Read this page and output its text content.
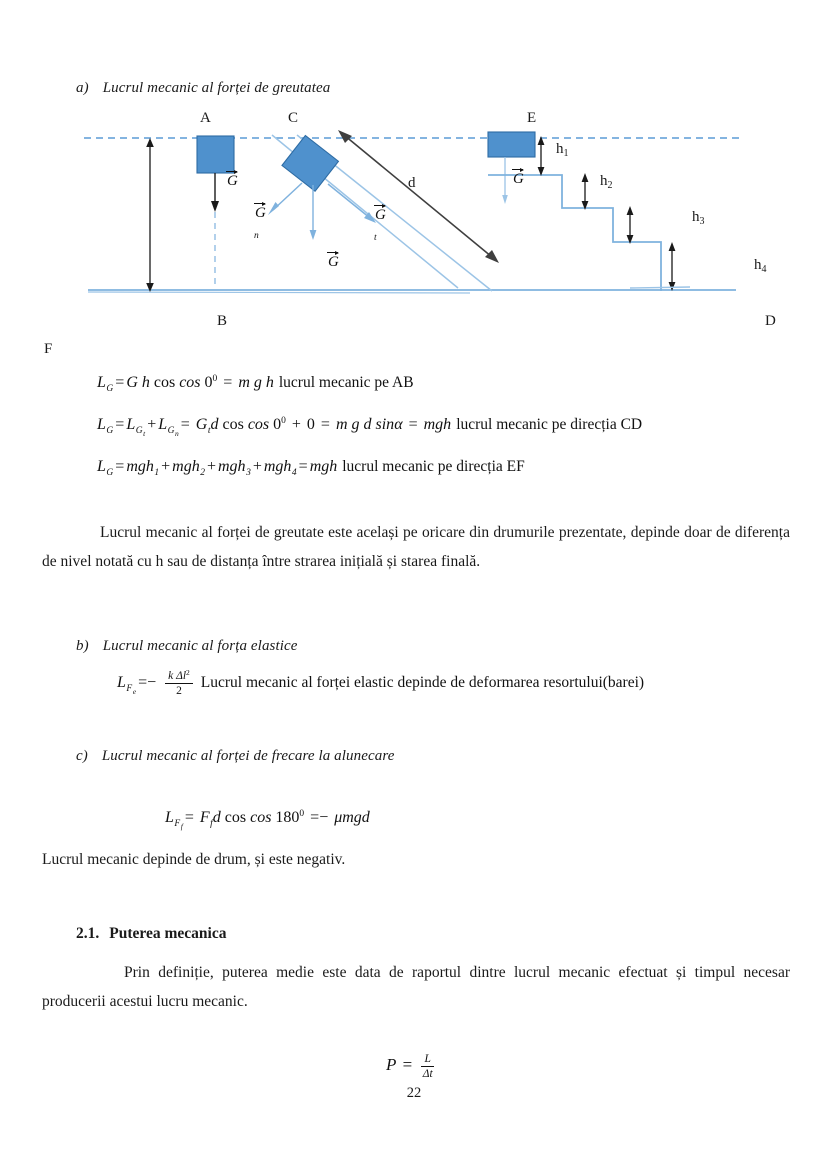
a) Lucrul mecanic al forței de greutatea
A	C	E
B	D
F
d
$h_1$
$h_2$
$h_3$
$h_4$
G
$G_n$
$G_t$
G
G
$L_G = G$ h $\cos \cos 0^0 = m$ g h lucrul mecanic pe AB
$L_G = L_{G_t}+ L_{G_n}= G_td$ $\cos \cos 0^0 + 0 = m$ g d sinα = mgh lucrul mecanic pe direcția CD
$L_G = mgh_1 + mgh_2 + mgh_3 + mgh_4$ = mgh lucrul mecanic pe direcția EF
Lucrul mecanic al forței de greutate este același pe oricare din drumurile prezentate, depinde doar de diferența de nivel notată cu h sau de distanța între strarea inițială și starea finală.
b) Lucrul mecanic al forța elastice
$L_{F_e}=- \frac{k \Delta l^2}{2}$ Lucrul mecanic al forței elastic depinde de deformarea resortului(barei)
c) Lucrul mecanic al forței de frecare la alunecare
$L_{F_f}= F_fd$ $\cos \cos 180^0 =- \mu mgd$
Lucrul mecanic depinde de drum, și este negativ.
2.1. Puterea mecanica
Prin definiție, puterea medie este data de raportul dintre lucrul mecanic efectuat și timpul necesar producerii acestui lucru mecanic.
$P = \frac{L}{\Delta t}$
22
